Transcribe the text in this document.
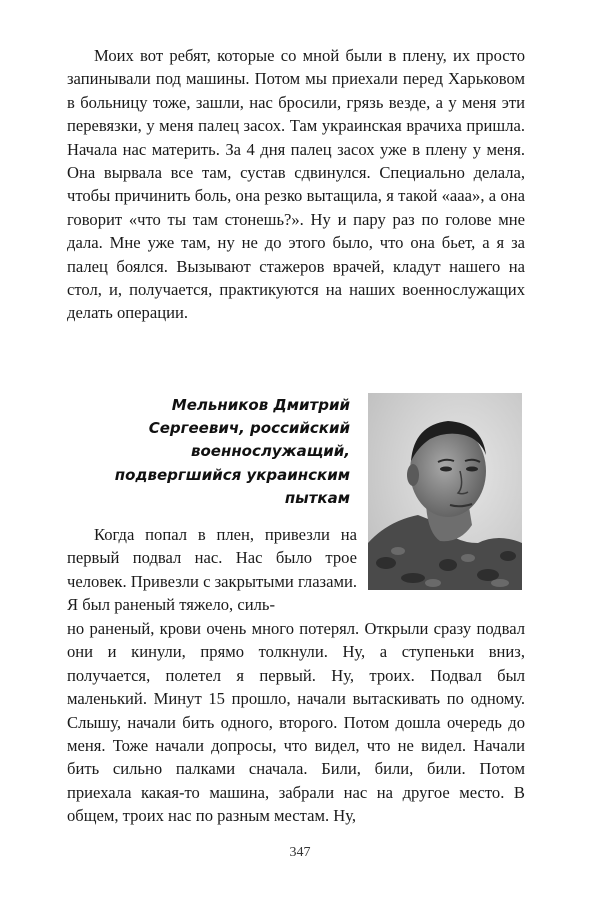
Моих вот ребят, которые со мной были в плену, их просто запинывали под машины. Потом мы приехали перед Харьковом в больницу тоже, зашли, нас бросили, грязь везде, а у меня эти перевязки, у меня палец засох. Там украинская врачиха пришла. Начала нас материть. За 4 дня палец засох уже в плену у меня. Она вырвала все там, сустав сдвинулся. Специально делала, чтобы причинить боль, она резко вытащила, я такой «ааа», а она говорит «что ты там стонешь?». Ну и пару раз по голове мне дала. Мне уже там, ну не до этого было, что она бьет, а я за палец боялся. Вызывают стажеров врачей, кладут нашего на стол, и, получается, практикуются на наших военнослужащих делать операции.

Мельников Дмитрий Сергеевич, российский военнослужащий, подвергшийся украинским пыткам

Когда попал в плен, привезли на первый подвал нас. Нас было трое человек. Привезли с закрытыми глазами. Я был раненый тяжело, силь-

но раненый, крови очень много потерял. Открыли сразу подвал они и кинули, прямо толкнули. Ну, а ступеньки вниз, получается, полетел я первый. Ну, троих. Подвал был маленький. Минут 15 прошло, начали вытаскивать по одному. Слышу, начали бить одного, второго. Потом дошла очередь до меня. Тоже начали допросы, что видел, что не видел. Начали бить сильно палками сначала. Били, били, били. Потом приехала какая-то машина, забрали нас на другое место. В общем, троих нас по разным местам. Ну,

347
